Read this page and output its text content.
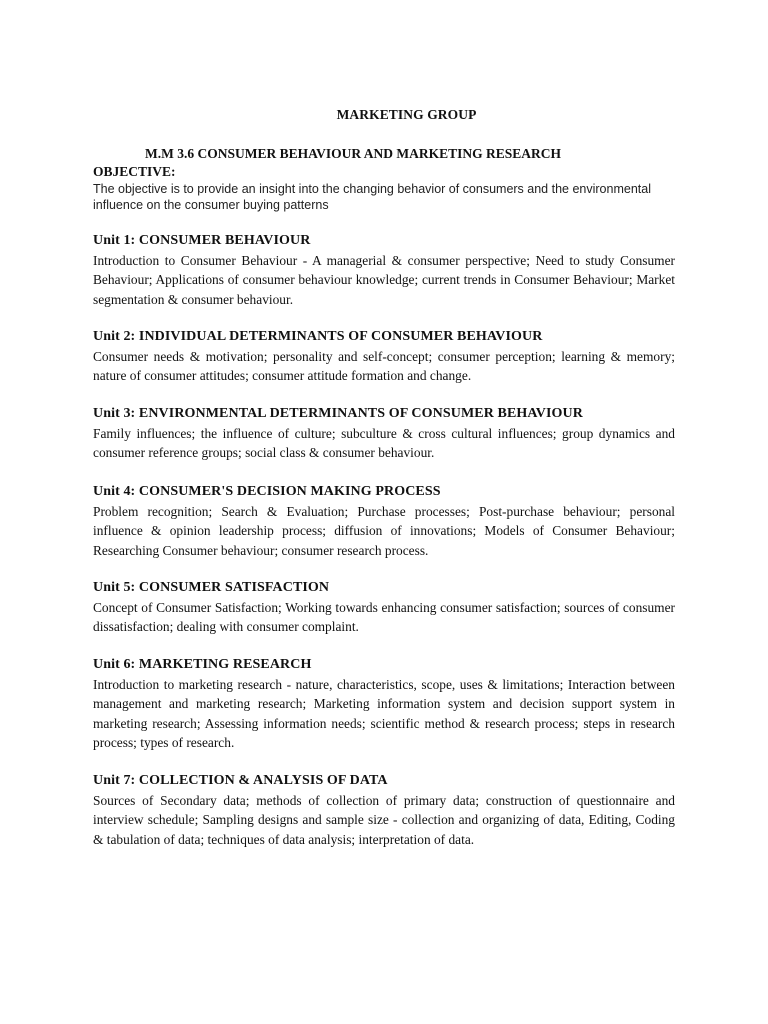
MARKETING GROUP
M.M 3.6 CONSUMER BEHAVIOUR AND MARKETING RESEARCH
OBJECTIVE:
The objective is to provide an insight into the changing behavior of consumers and the environmental influence on the consumer buying patterns
Unit 1: CONSUMER BEHAVIOUR
Introduction to Consumer Behaviour - A managerial & consumer perspective; Need to study Consumer Behaviour; Applications of consumer behaviour knowledge; current trends in Consumer Behaviour; Market segmentation & consumer behaviour.
Unit 2: INDIVIDUAL DETERMINANTS OF CONSUMER BEHAVIOUR
Consumer needs & motivation; personality and self-concept; consumer perception; learning & memory; nature of consumer attitudes; consumer attitude formation and change.
Unit 3: ENVIRONMENTAL DETERMINANTS OF CONSUMER BEHAVIOUR
Family influences; the influence of culture; subculture & cross cultural influences; group dynamics and consumer reference groups; social class & consumer behaviour.
Unit 4: CONSUMER'S DECISION MAKING PROCESS
Problem recognition; Search & Evaluation; Purchase processes; Post-purchase behaviour; personal influence & opinion leadership process; diffusion of innovations; Models of Consumer Behaviour; Researching Consumer behaviour; consumer research process.
Unit 5: CONSUMER SATISFACTION
Concept of Consumer Satisfaction; Working towards enhancing consumer satisfaction; sources of consumer dissatisfaction; dealing with consumer complaint.
Unit 6: MARKETING RESEARCH
Introduction to marketing research - nature, characteristics, scope, uses & limitations; Interaction between management and marketing research; Marketing information system and decision support system in marketing research; Assessing information needs; scientific method & research process; steps in research process; types of research.
Unit 7: COLLECTION & ANALYSIS OF DATA
Sources of Secondary data; methods of collection of primary data; construction of questionnaire and interview schedule; Sampling designs and sample size - collection and organizing of data, Editing, Coding & tabulation of data; techniques of data analysis; interpretation of data.
